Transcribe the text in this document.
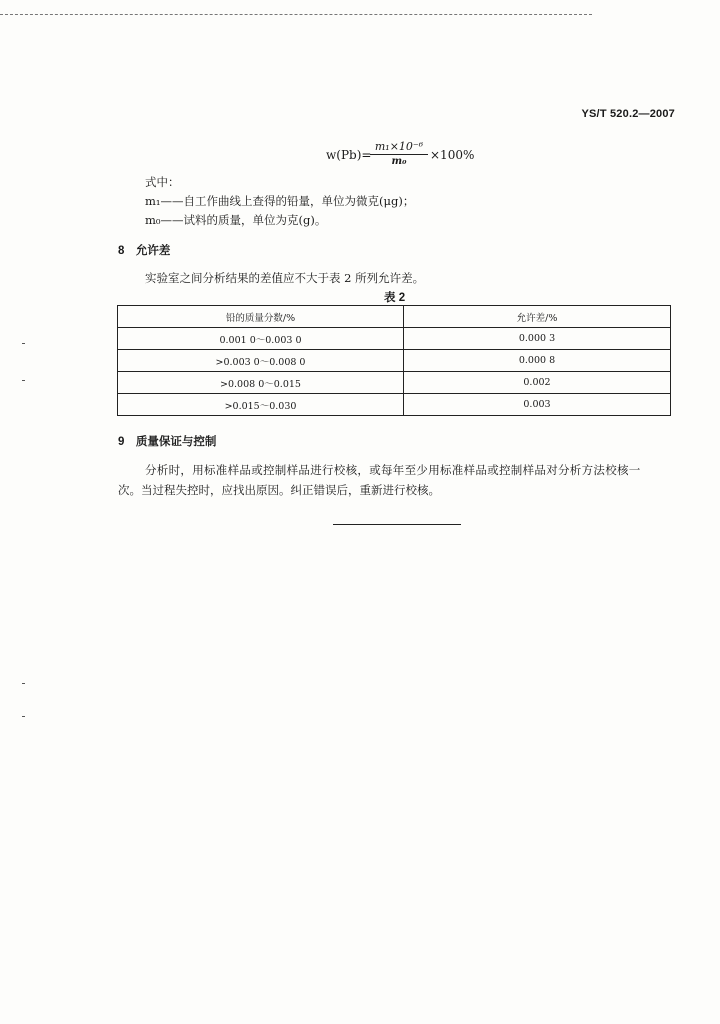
YS/T 520.2—2007
w(Pb)=
m₁×10⁻⁶
m₀	×100%
式中：
m₁——自工作曲线上查得的铅量，单位为微克(μg)；
m₀——试料的质量，单位为克(g)。
8　允许差
实验室之间分析结果的差值应不大于表 2 所列允许差。
表 2
铅的质量分数/%	允许差/%
0.001 0～0.003 0	0.000 3
>0.003 0～0.008 0	0.000 8
>0.008 0～0.015	0.002
>0.015～0.030	0.003
9　质量保证与控制
分析时，用标准样品或控制样品进行校核，或每年至少用标准样品或控制样品对分析方法校核一
次。当过程失控时，应找出原因。纠正错误后，重新进行校核。
